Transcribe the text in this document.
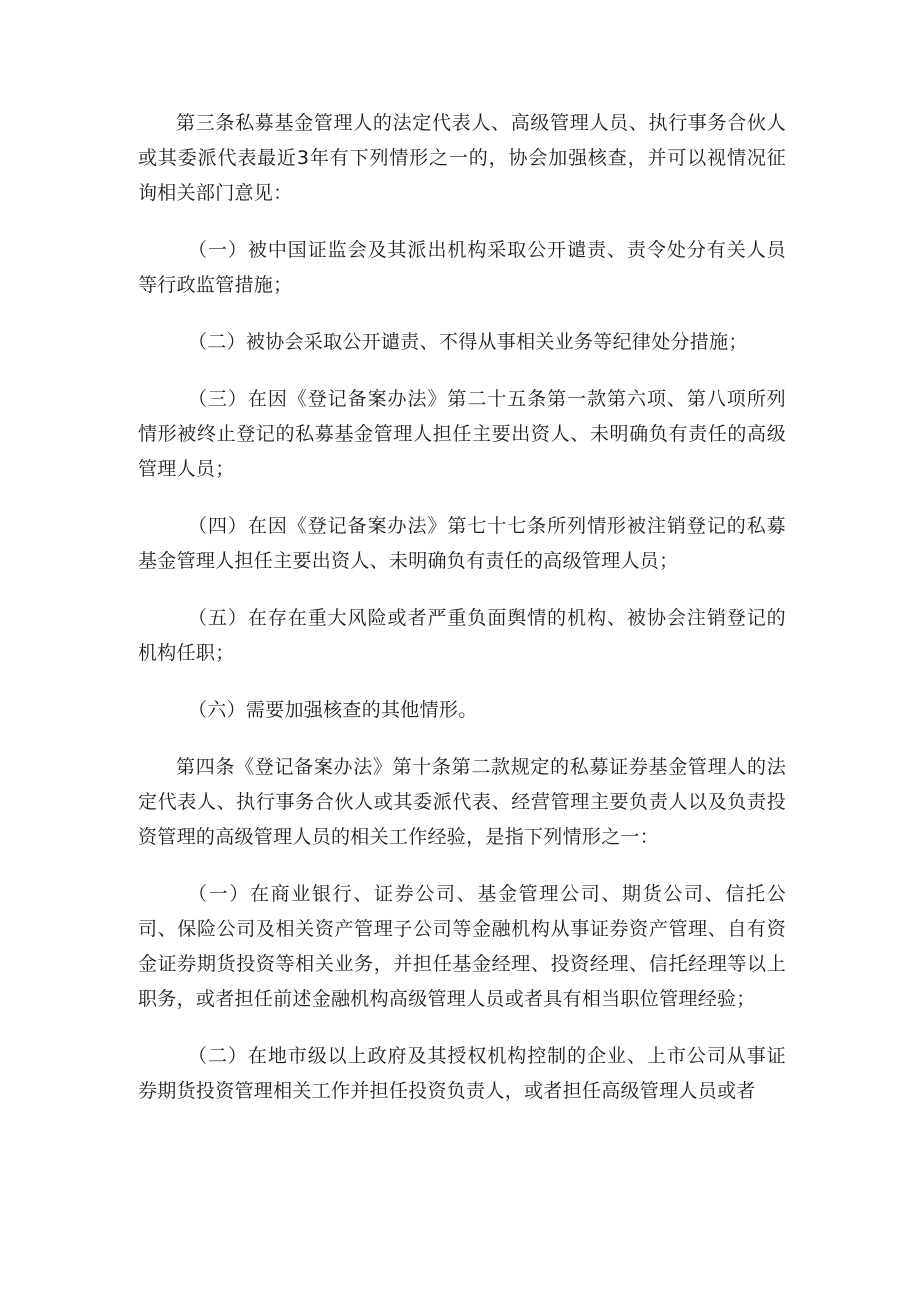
第三条私募基金管理人的法定代表人、高级管理人员、执行事务合伙人或其委派代表最近3年有下列情形之一的，协会加强核查，并可以视情况征询相关部门意见：

（一）被中国证监会及其派出机构采取公开谴责、责令处分有关人员等行政监管措施；

（二）被协会采取公开谴责、不得从事相关业务等纪律处分措施；

（三）在因《登记备案办法》第二十五条第一款第六项、第八项所列情形被终止登记的私募基金管理人担任主要出资人、未明确负有责任的高级管理人员；

（四）在因《登记备案办法》第七十七条所列情形被注销登记的私募基金管理人担任主要出资人、未明确负有责任的高级管理人员；

（五）在存在重大风险或者严重负面舆情的机构、被协会注销登记的机构任职；

（六）需要加强核查的其他情形。

第四条《登记备案办法》第十条第二款规定的私募证券基金管理人的法定代表人、执行事务合伙人或其委派代表、经营管理主要负责人以及负责投资管理的高级管理人员的相关工作经验，是指下列情形之一：

（一）在商业银行、证券公司、基金管理公司、期货公司、信托公司、保险公司及相关资产管理子公司等金融机构从事证券资产管理、自有资金证券期货投资等相关业务，并担任基金经理、投资经理、信托经理等以上职务，或者担任前述金融机构高级管理人员或者具有相当职位管理经验；

（二）在地市级以上政府及其授权机构控制的企业、上市公司从事证券期货投资管理相关工作并担任投资负责人，或者担任高级管理人员或者
